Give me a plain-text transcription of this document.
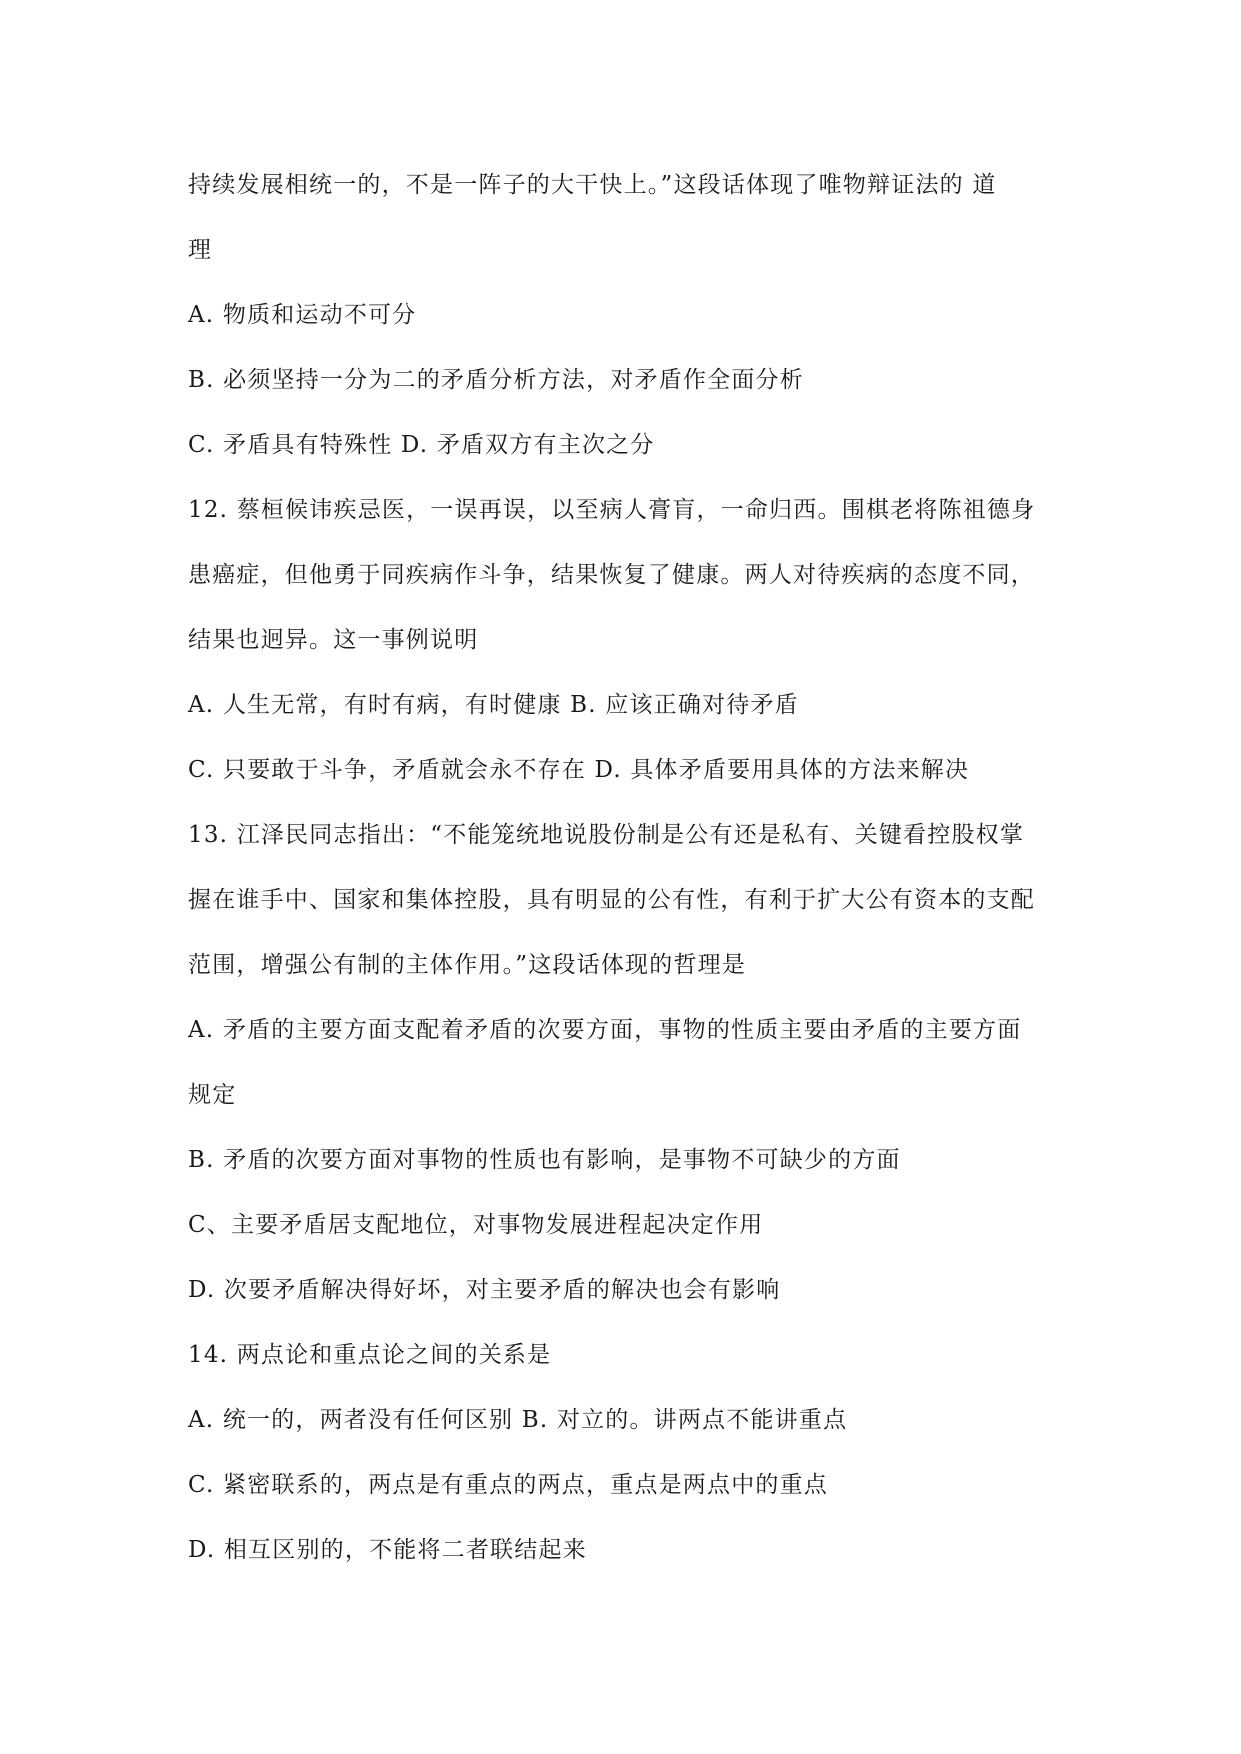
持续发展相统一的，不是一阵子的大干快上。”这段话体现了唯物辩证法的 道
理
A. 物质和运动不可分
B. 必须坚持一分为二的矛盾分析方法，对矛盾作全面分析
C. 矛盾具有特殊性 D. 矛盾双方有主次之分
12. 蔡桓候讳疾忌医，一误再误，以至病人膏肓，一命归西。围棋老将陈祖德身
患癌症，但他勇于同疾病作斗争，结果恢复了健康。两人对待疾病的态度不同，
结果也迥异。这一事例说明
A. 人生无常，有时有病，有时健康 B. 应该正确对待矛盾
C. 只要敢于斗争，矛盾就会永不存在 D. 具体矛盾要用具体的方法来解决
13. 江泽民同志指出：“不能笼统地说股份制是公有还是私有、关键看控股权掌
握在谁手中、国家和集体控股，具有明显的公有性，有利于扩大公有资本的支配
范围，增强公有制的主体作用。”这段话体现的哲理是
A. 矛盾的主要方面支配着矛盾的次要方面，事物的性质主要由矛盾的主要方面
规定
B. 矛盾的次要方面对事物的性质也有影响，是事物不可缺少的方面
C、主要矛盾居支配地位，对事物发展进程起决定作用
D. 次要矛盾解决得好坏，对主要矛盾的解决也会有影响
14. 两点论和重点论之间的关系是
A. 统一的，两者没有任何区别 B. 对立的。讲两点不能讲重点
C. 紧密联系的，两点是有重点的两点，重点是两点中的重点
D. 相互区别的，不能将二者联结起来
